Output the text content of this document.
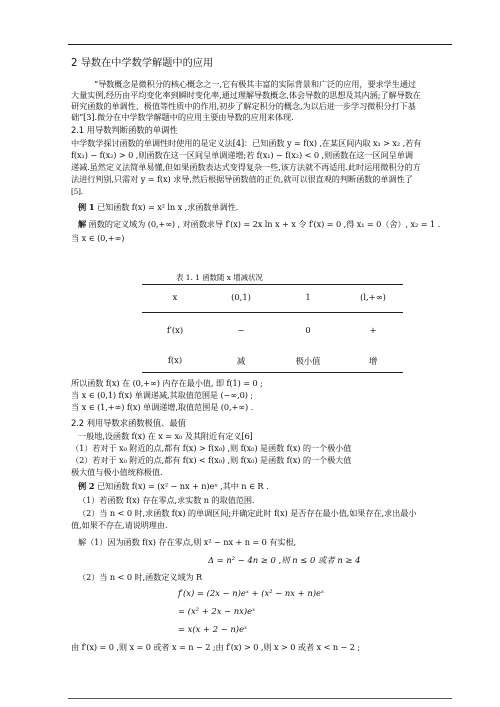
2 导数在中学数学解题中的应用
“导数概念是微积分的核心概念之一,它有极其丰富的实际背景和广泛的应用，要求学生通过
大量实例,经历由平均变化率到瞬时变化率,通过理解导数概念,体会导数的思想及其内涵;了解导数在
研究函数的单调性、极值等性质中的作用,初步了解定积分的概念,为以后进一步学习微积分打下基
础”[3].微分在中学数学解题中的应用主要由导数的应用来体现.
2.1 用导数判断函数的单调性
中学数学探讨函数的单调性时使用的是定义法[4]：已知函数 y = f(x) ,在某区间内取 x₁ > x₂ ,若有
f(x₁) − f(x₂) > 0 ,则函数在这一区间呈单调递增;若 f(x₁) − f(x₂) < 0 ,则函数在这一区间呈单调
递减.虽然定义法简单易懂,但如果函数表达式变得复杂一些,该方法就不再适用.此时运用微积分的方
法进行判别,只需对 y = f(x) 求导,然后根据导函数值的正负,就可以很直观的判断函数的单调性了
[5].
例 1 已知函数 f(x) = x² ln x ,求函数单调性.
解 函数的定义域为 (0,+∞) , 对函数求导 f′(x) = 2x ln x + x 令 f′(x) = 0 ,得 x₁ = 0（舍）, x₂ = 1 .
当 x ∈ (0,+∞)
表 1. 1 函数随 x 增减状况
x	(0,1)	1	(l,+∞)
f′(x)	−	0	+
f(x)	减	极小值	增
所以函数 f(x) 在 (0,+∞) 内存在最小值, 即 f(1) = 0 ;
当 x ∈ (0,1) f(x) 单调递减,其取值范围是 (−∞,0) ;
当 x ∈ (1,+∞) f(x) 单调递增,取值范围是 (0,+∞) .
2.2 利用导数求函数极值、最值
一般地,设函数 f(x) 在 x = x₀ 及其附近有定义[6]
（1）若对于 x₀ 附近的点,都有 f(x) > f(x₀) ,则 f(x₀) 是函数 f(x) 的一个极小值
（2）若对于 x₀ 附近的点,都有 f(x) < f(x₀) ,则 f(x₀) 是函数 f(x) 的一个极大值
极大值与极小值统称极值.
例 2 已知函数 f(x) = (x² − nx + n)eˣ ,其中 n ∈ R .
（1）若函数 f(x) 存在零点,求实数 n 的取值范围.
（2）当 n < 0 时,求函数 f(x) 的单调区间;并确定此时 f(x) 是否存在最小值,如果存在,求出最小
值,如果不存在,请说明理由.
解（1）因为函数 f(x) 存在零点,则 x² − nx + n = 0 有实根,
Δ = n² − 4n ≥ 0 ,则 n ≤ 0 或者 n ≥ 4
（2）当 n < 0 时,函数定义域为 R
f′(x) = (2x − n)eˣ + (x² − nx + n)eˣ
= (x² + 2x − nx)eˣ
= x(x + 2 − n)eˣ
由 f′(x) = 0 ,则 x = 0 或者 x = n − 2 ;由 f′(x) > 0 ,则 x > 0 或者 x < n − 2 ;
